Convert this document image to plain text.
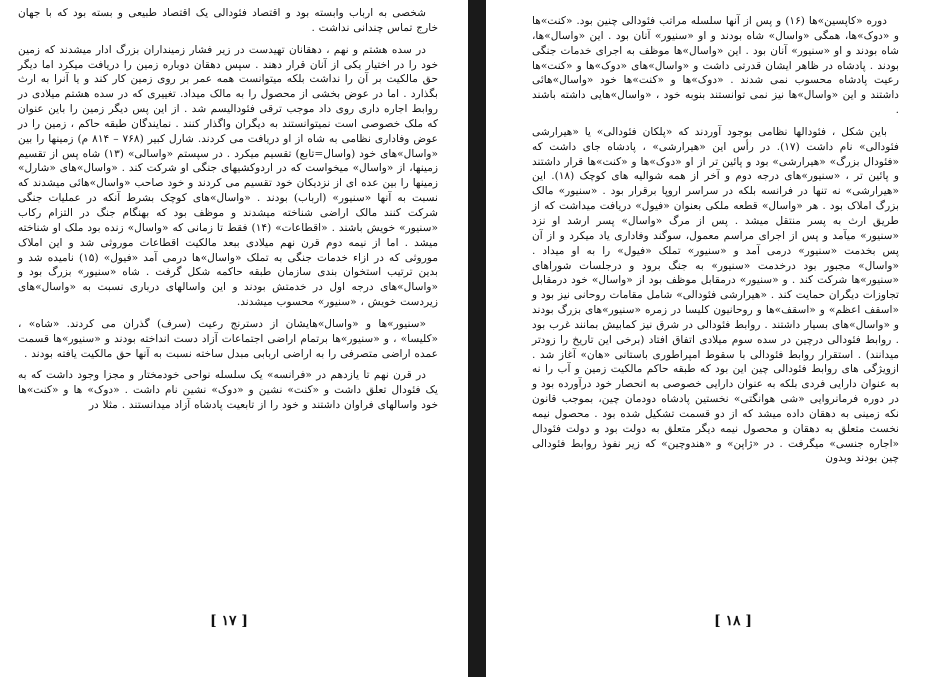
شخصی به ارباب وابسته بود و اقتصاد فئودالی یک اقتصاد طبیعی و بسته بود که با جهان خارج تماس چندانی نداشت .

در سده هشتم و نهم ، دهقانان تهیدست در زیر فشار زمینداران بزرگ ادار میشدند که زمین خود را در اختیار یکی از آنان قرار دهند . سپس دهقان دوباره زمین را دریافت میکرد اما دیگر حق مالکیت بر آن را نداشت بلکه میتوانست همه عمر بر روی زمین کار کند و یا آنرا به ارث بگذارد . اما در عوض بخشی از محصول را به مالک میداد. تغییری که در سده هشتم میلادی در روابط اجاره داری روی داد موجب ترقی فئودالیسم شد . از این پس دیگر زمین را باین عنوان که ملک خصوصی است نمیتوانستند به دیگران واگذار کنند . نمایندگان طبقه حاکم ، زمین را در عوض وفاداری نظامی به شاه از او دریافت می کردند. شارل کبیر (۷۶۸ – ۸۱۴ م) زمینها را بین «واسال»های خود (واسال=تابع) تقسیم میکرد . در سپستم «واسالی» (۱۳) شاه پس از تقسیم زمینها، از «واسال» میخواست که در اردوکشیهای جنگی او شرکت کند . «واسال»های «شارل» زمینها را بین عده ای از نزدیکان خود تقسیم می کردند و خود صاحب «واسال»هائی میشدند که نسبت به آنها «سنیور» (ارباب) بودند . «واسال»های کوچک بشرط آنکه در عملیات جنگی شرکت کنند مالک اراضی شناخته میشدند و موظف بود که بهنگام جنگ در التزام رکاب «سنیور» خویش باشند . «اقطاعات» (۱۴) فقط تا زمانی که «واسال» زنده بود ملک او شناخته میشد . اما از نیمه دوم قرن نهم میلادی ببعد مالکیت اقطاعات موروثی شد و این املاک موروثی که در ازاء خدمات جنگی به تملک «واسال»ها درمی آمد «فیول» (۱۵) نامیده شد و بدین ترتیب استخوان بندی سازمان طبقه حاکمه شکل گرفت . شاه «سنیور» بزرگ بود و «واسال»های درجه اول در خدمتش بودند و این واسالهای درباری نسبت به «واسال»های زیردست خویش ، «سنیور» محسوب میشدند.

«سنیور»ها و «واسال»هایشان از دسترنج رعیت (سرف) گذران می کردند. «شاه» ، «کلیسا» ، و «سنیور»ها برتمام اراضی اجتماعات آزاد دست انداخته بودند و «سنیور»ها قسمت عمده اراضی متصرفی را به اراضی اربابی مبدل ساخته نسبت به آنها حق مالکیت یافته بودند .

در قرن نهم تا یازدهم در «فرانسه» یک سلسله نواحی خودمختار و مجزا وجود داشت که به یک فئودال تعلق داشت و «کنت» نشین و «دوک» نشین نام داشت . «دوک» ها و «کنت»ها خود واسالهای فراوان داشتند و خود را از تابعیت پادشاه آزاد میدانستند . مثلا در

[ ۱۷ ]

دوره «کاپسین»ها (۱۶) و پس از آنها سلسله مراتب فئودالی چنین بود. «کنت»ها و «دوک»ها، همگی «واسال» شاه بودند و او «سنیور» آنان بود . این «واسال»ها، شاه بودند و او «سنیور» آنان بود . این «واسال»ها موظف به اجرای خدمات جنگی بودند . پادشاه در ظاهر ایشان قدرتی داشت و «واسال»های «دوک»ها و «کنت»ها رعیت پادشاه محسوب نمی شدند . «دوک»ها و «کنت»ها خود «واسال»هائی داشتند و این «واسال»ها نیز نمی توانستند بنوبه خود ، «واسال»هایی داشته باشند .

باین شکل ، فئودالها نظامی بوجود آوردند که «پلکان فئودالی» یا «هیرارشی فئودالی» نام داشت (۱۷). در رأس این «هیرارشی» ، پادشاه جای داشت که «فئودال بزرگ» «هیرارشی» بود و پائین تر از او «دوک»ها و «کنت»ها قرار داشتند و پائین تر ، «سنیور»های درجه دوم و آخر از همه شوالیه های کوچک (۱۸). این «هیرارشی» نه تنها در فرانسه بلکه در سراسر اروپا برقرار بود . «سنیور» مالک بزرگ املاک بود . هر «واسال» قطعه ملکی بعنوان «فیول» دریافت میداشت که از طریق ارث به پسر منتقل میشد . پس از مرگ «واسال» پسر ارشد او نزد «سنیور» میآمد و پس از اجرای مراسم معمول، سوگند وفاداری یاد میکرد و از آن پس بخدمت «سنیور» درمی آمد و «سنیور» تملک «فیول» را به او میداد . «واسال» مجبور بود درخدمت «سنیور» به جنگ برود و درجلسات شوراهای «سنیور»ها شرکت کند . و «سنیور» درمقابل موظف بود از «واسال» خود درمقابل تجاوزات دیگران حمایت کند . «هیرارشی فئودالی» شامل مقامات روحانی نیز بود و «اسقف اعظم» و «اسقف»ها و روحانیون کلیسا در زمره «سنیور»های بزرگ بودند و «واسال»های بسیار داشتند . روابط فئودالی در شرق نیز کمابیش بمانند غرب بود . روابط فئودالی درچین در سده سوم میلادی اتفاق افتاد (برخی این تاریخ را زودتر میدانند) . استقرار روابط فئودالی با سقوط امپراطوری باستانی «هان» آغاز شد . ازویژگی های روابط فئودالی چین این بود که طبقه حاکم مالکیت زمین و آب را نه به عنوان دارایی فردی بلکه به عنوان دارایی خصوصی به انحصار خود درآورده بود و در دوره فرمانروایی «شی هوانگتی» نخستین پادشاه دودمان چین، بموجب قانون نکه زمینی به دهقان داده میشد که از دو قسمت تشکیل شده بود . محصول نیمه نخست متعلق به دهقان و محصول نیمه دیگر متعلق به دولت بود و دولت فئودال «اجاره جنسی» میگرفت . در «ژاپن» و «هندوچین» که زیر نفوذ روابط فئودالی چین بودند وبدون

[ ۱۸ ]
